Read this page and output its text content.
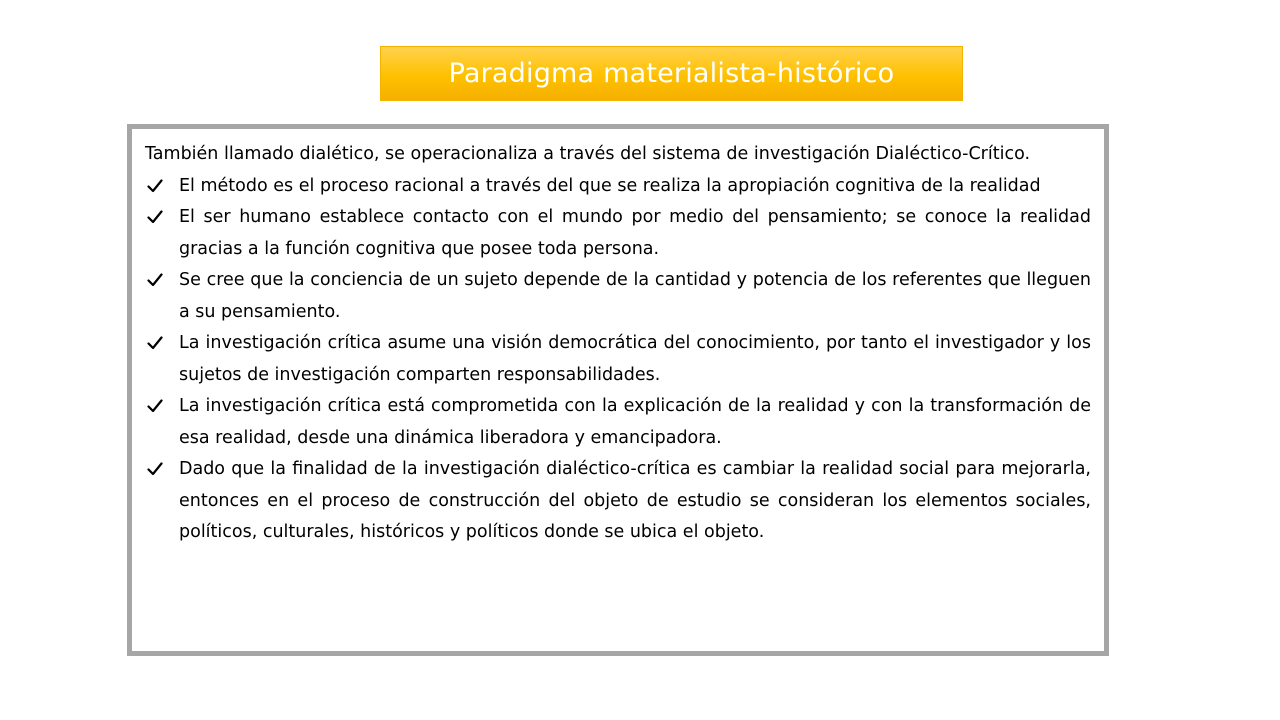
Paradigma materialista-histórico

También llamado dialético, se operacionaliza a través del sistema de investigación Dialéctico-Crítico.

El método es el proceso racional a través del que se realiza la apropiación cognitiva de la realidad
El ser humano establece contacto con el mundo por medio del pensamiento; se conoce la realidad gracias a la función cognitiva que posee toda persona.
Se cree que la conciencia de un sujeto depende de la cantidad y potencia de los referentes que lleguen a su pensamiento.
La investigación crítica asume una visión democrática del conocimiento, por tanto el investigador y los sujetos de investigación comparten responsabilidades.
La investigación crítica está comprometida con la explicación de la realidad y con la transformación de esa realidad, desde una dinámica liberadora y emancipadora.
Dado que la finalidad de la investigación dialéctico-crítica es cambiar la realidad social para mejorarla, entonces en el proceso de construcción del objeto de estudio se consideran los elementos sociales, políticos, culturales, históricos y políticos donde se ubica el objeto.
